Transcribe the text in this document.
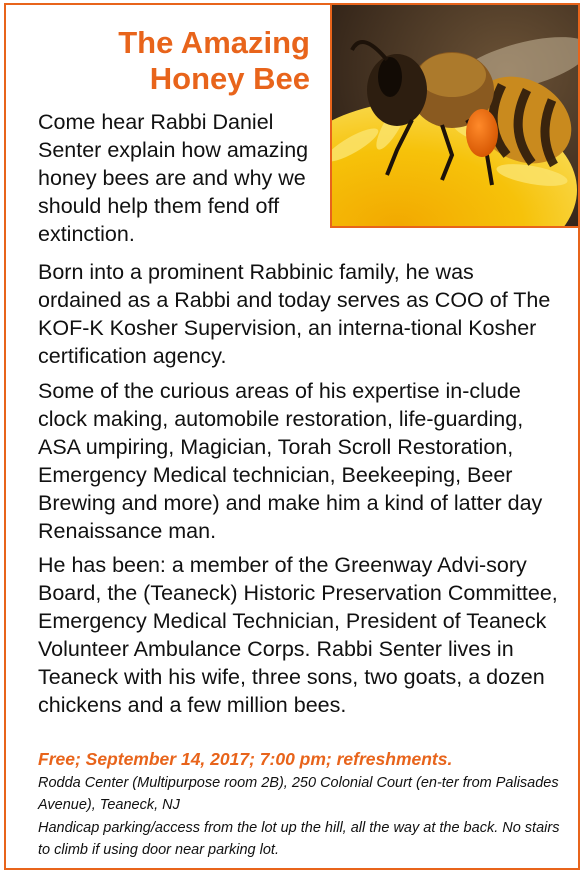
The Amazing
Honey Bee

Come hear Rabbi Daniel Senter explain how amazing honey bees are and why we should help them fend off extinction.

Born into a prominent Rabbinic family, he was ordained as a Rabbi and today serves as COO of The KOF-K Kosher Supervision, an interna-tional Kosher certification agency.

Some of the curious areas of his expertise in-clude clock making, automobile restoration, life-guarding, ASA umpiring, Magician, Torah Scroll Restoration, Emergency Medical technician, Beekeeping, Beer Brewing and more) and make him a kind of latter day Renaissance man.

He has been: a member of the Greenway Advi-sory Board, the (Teaneck) Historic Preservation Committee, Emergency Medical Technician, President of Teaneck Volunteer Ambulance Corps. Rabbi Senter lives in Teaneck with his wife, three sons, two goats, a dozen chickens and a few million bees.

Free; September 14, 2017; 7:00 pm; refreshments.

Rodda Center (Multipurpose room 2B), 250 Colonial Court (en-ter from Palisades Avenue), Teaneck, NJ

Handicap parking/access from the lot up the hill, all the way at the back. No stairs to climb if using door near parking lot.
